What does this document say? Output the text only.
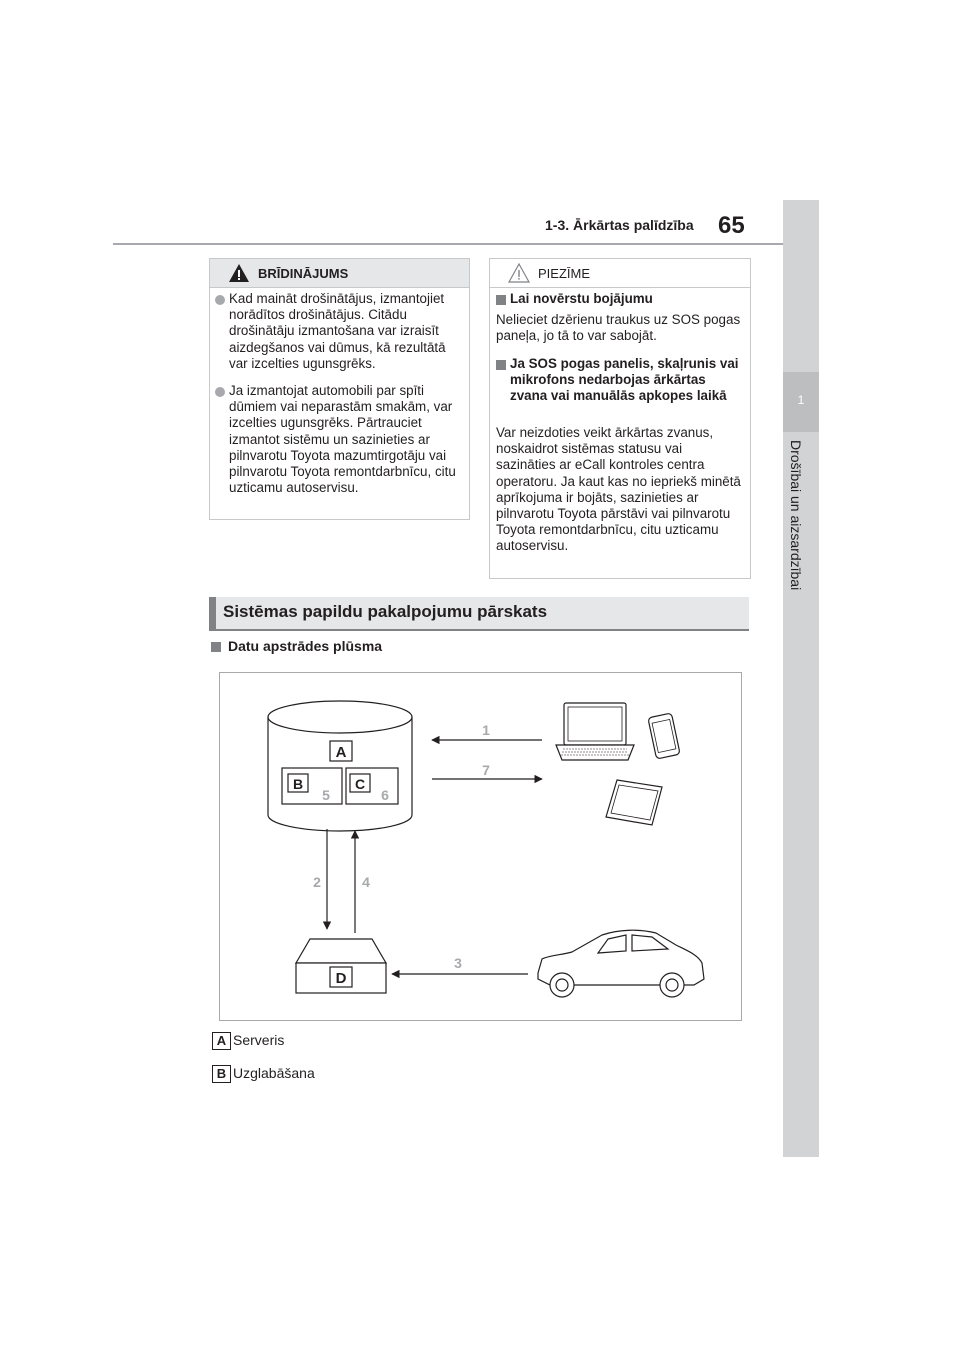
1-3. Ārkārtas palīdzība 65
1
Drošībai un aizsardzībai
BRĪDINĀJUMS
Kad maināt drošinātājus, izmantojiet norādītos drošinātājus. Citādu drošinātāju izmantošana var izraisīt aizdegšanos vai dūmus, kā rezultātā var izcelties ugunsgrēks.
Ja izmantojat automobili par spīti dūmiem vai neparastām smakām, var izcelties ugunsgrēks. Pārtrauciet izmantot sistēmu un sazinieties ar pilnvarotu Toyota mazumtirgotāju vai pilnvarotu Toyota remontdarbnīcu, citu uzticamu autoservisu.
PIEZĪME
Lai novērstu bojājumu
Nelieciet dzērienu traukus uz SOS pogas paneļa, jo tā to var sabojāt.
Ja SOS pogas panelis, skaļrunis vai mikrofons nedarbojas ārkārtas zvana vai manuālās apkopes laikā
Var neizdoties veikt ārkārtas zvanus, noskaidrot sistēmas statusu vai sazināties ar eCall kontroles centra operatoru. Ja kaut kas no iepriekš minētā aprīkojuma ir bojāts, sazinieties ar pilnvarotu Toyota pārstāvi vai pilnvarotu Toyota remontdarbnīcu, citu uzticamu autoservisu.
Sistēmas papildu pakalpojumu pārskats
Datu apstrādes plūsma
A
B
5
C
6
1
7
2	4
D
3
A Serveris
B Uzglabāšana
